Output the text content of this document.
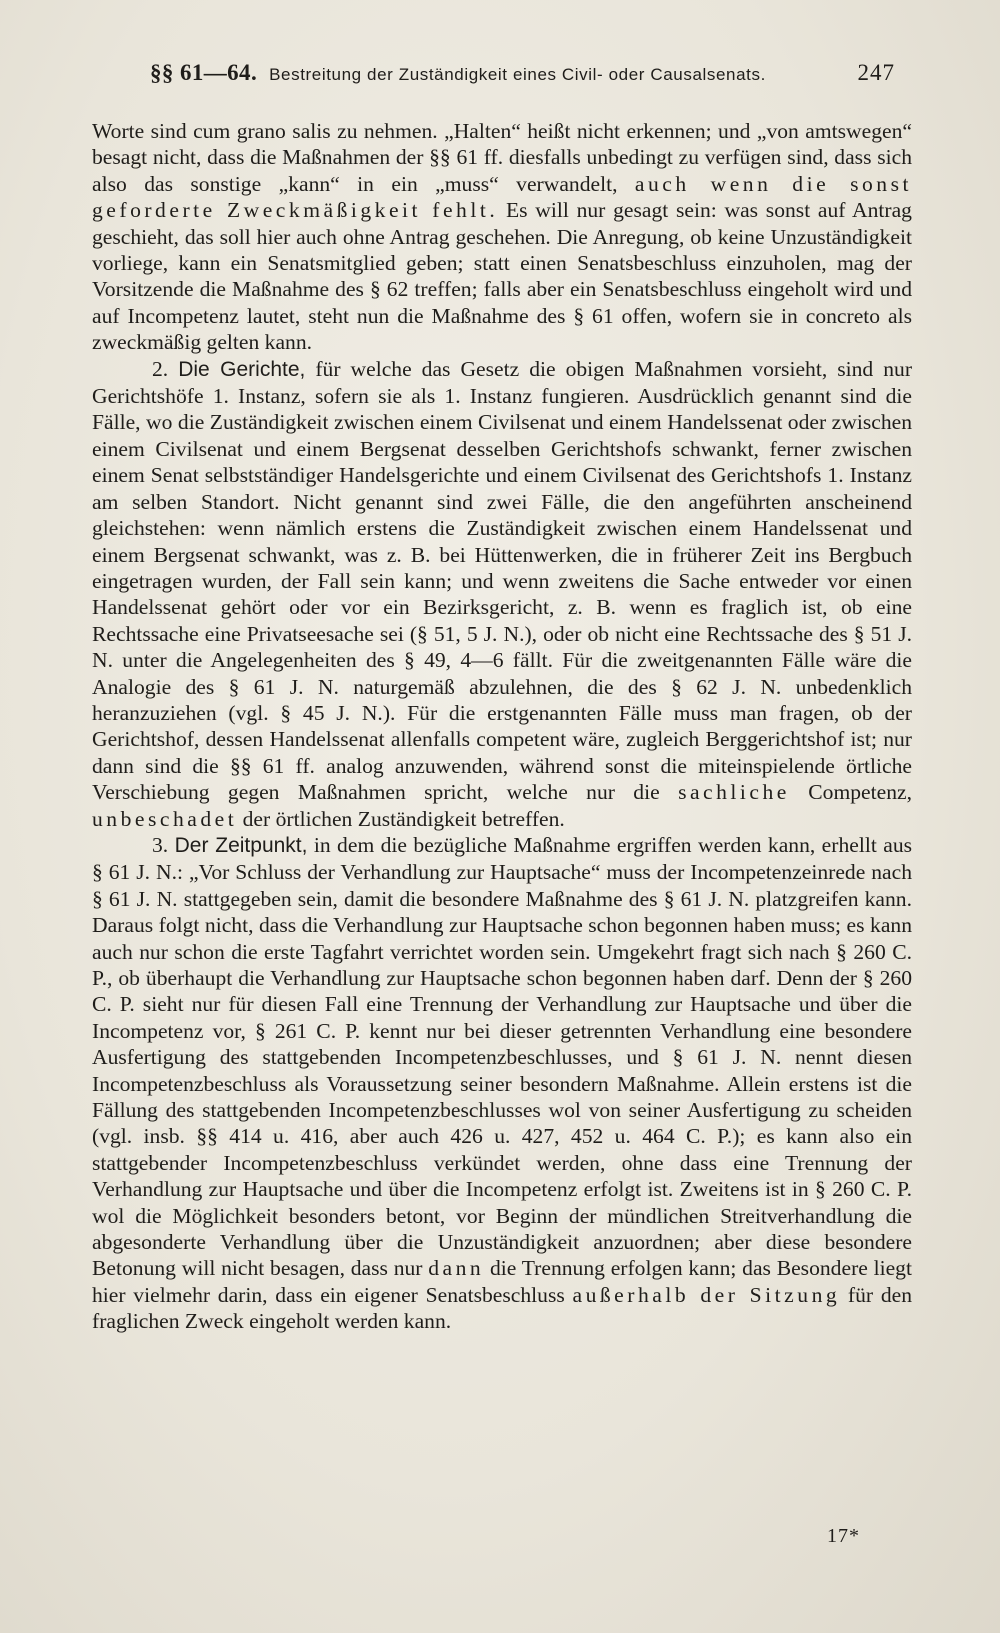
§§ 61—64. Bestreitung der Zuständigkeit eines Civil- oder Causalsenats.	247

Worte sind cum grano salis zu nehmen. „Halten“ heißt nicht erkennen; und „von amtswegen“ besagt nicht, dass die Maßnahmen der §§ 61 ff. diesfalls unbedingt zu verfügen sind, dass sich also das sonstige „kann“ in ein „muss“ verwandelt, auch wenn die sonst geforderte Zweckmäßigkeit fehlt. Es will nur gesagt sein: was sonst auf Antrag geschieht, das soll hier auch ohne Antrag geschehen. Die Anregung, ob keine Unzuständigkeit vorliege, kann ein Senatsmitglied geben; statt einen Senatsbeschluss einzuholen, mag der Vorsitzende die Maßnahme des § 62 treffen; falls aber ein Senatsbeschluss eingeholt wird und auf Incompetenz lautet, steht nun die Maßnahme des § 61 offen, wofern sie in concreto als zweckmäßig gelten kann.

2. Die Gerichte, für welche das Gesetz die obigen Maßnahmen vorsieht, sind nur Gerichtshöfe 1. Instanz, sofern sie als 1. Instanz fungieren. Ausdrücklich genannt sind die Fälle, wo die Zuständigkeit zwischen einem Civilsenat und einem Handelssenat oder zwischen einem Civilsenat und einem Bergsenat desselben Gerichtshofs schwankt, ferner zwischen einem Senat selbstständiger Handelsgerichte und einem Civilsenat des Gerichtshofs 1. Instanz am selben Standort. Nicht genannt sind zwei Fälle, die den angeführten anscheinend gleichstehen: wenn nämlich erstens die Zuständigkeit zwischen einem Handelssenat und einem Bergsenat schwankt, was z. B. bei Hüttenwerken, die in früherer Zeit ins Bergbuch eingetragen wurden, der Fall sein kann; und wenn zweitens die Sache entweder vor einen Handelssenat gehört oder vor ein Bezirksgericht, z. B. wenn es fraglich ist, ob eine Rechtssache eine Privatseesache sei (§ 51, 5 J. N.), oder ob nicht eine Rechtssache des § 51 J. N. unter die Angelegenheiten des § 49, 4—6 fällt. Für die zweitgenannten Fälle wäre die Analogie des § 61 J. N. naturgemäß abzulehnen, die des § 62 J. N. unbedenklich heranzuziehen (vgl. § 45 J. N.). Für die erstgenannten Fälle muss man fragen, ob der Gerichtshof, dessen Handelssenat allenfalls competent wäre, zugleich Berggerichtshof ist; nur dann sind die §§ 61 ff. analog anzuwenden, während sonst die miteinspielende örtliche Verschiebung gegen Maßnahmen spricht, welche nur die sachliche Competenz, unbeschadet der örtlichen Zuständigkeit betreffen.

3. Der Zeitpunkt, in dem die bezügliche Maßnahme ergriffen werden kann, erhellt aus § 61 J. N.: „Vor Schluss der Verhandlung zur Hauptsache“ muss der Incompetenzeinrede nach § 61 J. N. stattgegeben sein, damit die besondere Maßnahme des § 61 J. N. platzgreifen kann. Daraus folgt nicht, dass die Verhandlung zur Hauptsache schon begonnen haben muss; es kann auch nur schon die erste Tagfahrt verrichtet worden sein. Umgekehrt fragt sich nach § 260 C. P., ob überhaupt die Verhandlung zur Hauptsache schon begonnen haben darf. Denn der § 260 C. P. sieht nur für diesen Fall eine Trennung der Verhandlung zur Hauptsache und über die Incompetenz vor, § 261 C. P. kennt nur bei dieser getrennten Verhandlung eine besondere Ausfertigung des stattgebenden Incompetenzbeschlusses, und § 61 J. N. nennt diesen Incompetenzbeschluss als Voraussetzung seiner besondern Maßnahme. Allein erstens ist die Fällung des stattgebenden Incompetenzbeschlusses wol von seiner Ausfertigung zu scheiden (vgl. insb. §§ 414 u. 416, aber auch 426 u. 427, 452 u. 464 C. P.); es kann also ein stattgebender Incompetenzbeschluss verkündet werden, ohne dass eine Trennung der Verhandlung zur Hauptsache und über die Incompetenz erfolgt ist. Zweitens ist in § 260 C. P. wol die Möglichkeit besonders betont, vor Beginn der mündlichen Streitverhandlung die abgesonderte Verhandlung über die Unzuständigkeit anzuordnen; aber diese besondere Betonung will nicht besagen, dass nur dann die Trennung erfolgen kann; das Besondere liegt hier vielmehr darin, dass ein eigener Senatsbeschluss außerhalb der Sitzung für den fraglichen Zweck eingeholt werden kann.

17*
